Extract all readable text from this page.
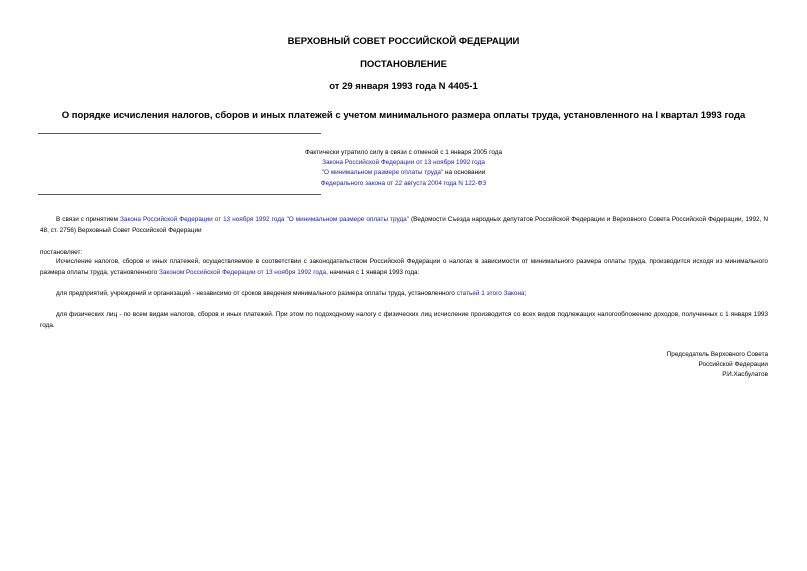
ВЕРХОВНЫЙ СОВЕТ РОССИЙСКОЙ ФЕДЕРАЦИИ
ПОСТАНОВЛЕНИЕ
от 29 января 1993 года N 4405-1
О порядке исчисления налогов, сборов и иных платежей с учетом минимального размера оплаты труда, установленного на I квартал 1993 года
Фактически утратило силу в связи с отменой с 1 января 2005 года
Закона Российской Федерации от 13 ноября 1992 года
"О минимальном размере оплаты труда" на основании
Федерального закона от 22 августа 2004 года N 122-ФЗ
В связи с принятием Закона Российской Федерации от 13 ноября 1992 года "О минимальном размере оплаты труда" (Ведомости Съезда народных депутатов Российской Федерации и Верховного Совета Российской Федерации, 1992, N 48, ст. 2756) Верховный Совет Российской Федерации
постановляет:
Исчисление налогов, сборов и иных платежей, осуществляемое в соответствии с законодательством Российской Федерации о налогах в зависимости от минимального размера оплаты труда, производится исходя из минимального размера оплаты труда, установленного Законом Российской Федерации от 13 ноября 1992 года, начиная с 1 января 1993 года:
для предприятий, учреждений и организаций - независимо от сроков введения минимального размера оплаты труда, установленного статьей 1 этого Закона;
для физических лиц - по всем видам налогов, сборов и иных платежей. При этом по подоходному налогу с физических лиц исчисление производится со всех видов подлежащих налогообложению доходов, полученных с 1 января 1993 года.
Председатель Верховного Совета
Российской Федерации
Р.И.Хасбулатов
